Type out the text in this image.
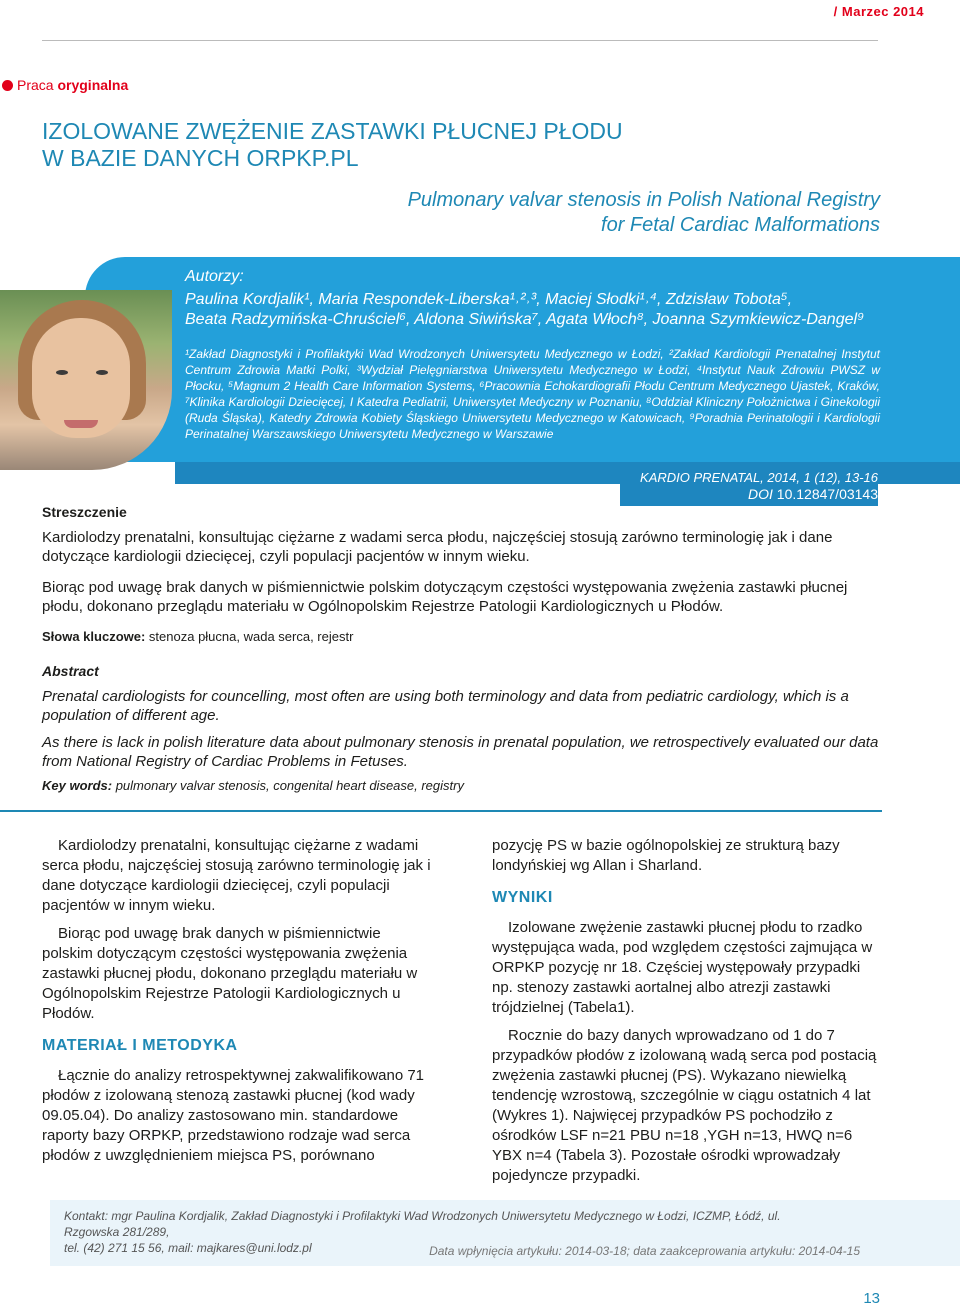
/ Marzec 2014
Praca oryginalna
IZOLOWANE ZWĘŻENIE ZASTAWKI PŁUCNEJ PŁODU
W BAZIE DANYCH ORPKP.PL
Pulmonary valvar stenosis in Polish National Registry
for Fetal Cardiac Malformations
Autorzy:
Paulina Kordjalik¹, Maria Respondek-Liberska¹˒²˒³, Maciej Słodki¹˒⁴, Zdzisław Tobota⁵,
Beata Radzymińska-Chruściel⁶, Aldona Siwińska⁷, Agata Włoch⁸, Joanna Szymkiewicz-Dangel⁹
¹Zakład Diagnostyki i Profilaktyki Wad Wrodzonych Uniwersytetu Medycznego w Łodzi, ²Zakład Kardiologii Prenatalnej Instytut Centrum Zdrowia Matki Polki, ³Wydział Pielęgniarstwa Uniwersytetu Medycznego w Łodzi, ⁴Instytut Nauk Zdrowiu PWSZ w Płocku, ⁵Magnum 2 Health Care Information Systems, ⁶Pracownia Echokardiografii Płodu Centrum Medycznego Ujastek, Kraków, ⁷Klinika Kardiologii Dziecięcej, I Katedra Pediatrii, Uniwersytet Medyczny w Poznaniu, ⁸Oddział Kliniczny Położnictwa i Ginekologii (Ruda Śląska), Katedry Zdrowia Kobiety Śląskiego Uniwersytetu Medycznego w Katowicach, ⁹Poradnia Perinatologii i Kardiologii Perinatalnej Warszawskiego Uniwersytetu Medycznego w Warszawie
KARDIO PRENATAL, 2014, 1 (12), 13-16
DOI 10.12847/03143
Streszczenie
Kardiolodzy prenatalni, konsultując ciężarne z wadami serca płodu, najczęściej stosują zarówno terminologię jak i dane dotyczące kardiologii dziecięcej, czyli populacji pacjentów w innym wieku.
Biorąc pod uwagę brak danych w piśmiennictwie polskim dotyczącym częstości występowania zwężenia zastawki płucnej płodu, dokonano przeglądu materiału w Ogólnopolskim Rejestrze Patologii Kardiologicznych u Płodów.
Słowa kluczowe: stenoza płucna, wada serca, rejestr
Abstract
Prenatal cardiologists for councelling, most often are using both terminology and data from pediatric cardiology, which is a population of different age.
As there is lack in polish literature data about pulmonary stenosis in prenatal population, we retrospectively evaluated our data from National Registry of Cardiac Problems in Fetuses.
Key words: pulmonary valvar stenosis, congenital heart disease, registry

Kardiolodzy prenatalni, konsultując ciężarne z wadami serca płodu, najczęściej stosują zarówno terminologię jak i dane dotyczące kardiologii dziecięcej, czyli populacji pacjentów w innym wieku.

Biorąc pod uwagę brak danych w piśmiennictwie polskim dotyczącym częstości występowania zwężenia zastawki płucnej płodu, dokonano przeglądu materiału w Ogólnopolskim Rejestrze Patologii Kardiologicznych u Płodów.

MATERIAŁ I METODYKA

Łącznie do analizy retrospektywnej zakwalifikowano 71 płodów z izolowaną stenozą zastawki płucnej (kod wady 09.05.04). Do analizy zastosowano min. standardowe raporty bazy ORPKP, przedstawiono rodzaje wad serca płodów z uwzględnieniem miejsca PS, porównano

pozycję PS w bazie ogólnopolskiej ze strukturą bazy londyńskiej wg Allan i Sharland.

WYNIKI

Izolowane zwężenie zastawki płucnej płodu to rzadko występująca wada, pod względem częstości zajmująca w ORPKP pozycję nr 18. Częściej występowały przypadki np. stenozy zastawki aortalnej albo atrezji zastawki trójdzielnej (Tabela1).

Rocznie do bazy danych wprowadzano od 1 do 7 przypadków płodów z izolowaną wadą serca pod postacią zwężenia zastawki płucnej (PS). Wykazano niewielką tendencję wzrostową, szczególnie w ciągu ostatnich 4 lat (Wykres 1). Najwięcej przypadków PS pochodziło z ośrodków LSF n=21 PBU n=18 ,YGH n=13, HWQ n=6 YBX n=4 (Tabela 3). Pozostałe ośrodki wprowadzały pojedyncze przypadki.

Kontakt: mgr Paulina Kordjalik, Zakład Diagnostyki i Profilaktyki Wad Wrodzonych Uniwersytetu Medycznego w Łodzi, ICZMP, Łódź, ul. Rzgowska 281/289,
tel. (42) 271 15 56, mail: majkares@uni.lodz.pl	Data wpłynięcia artykułu: 2014-03-18; data zaakceprowania artykułu: 2014-04-15
13
